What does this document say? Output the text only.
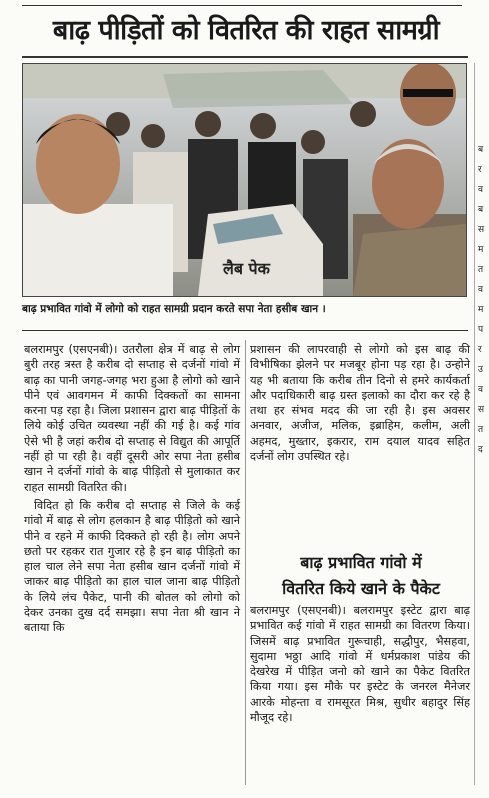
बाढ़ पीड़ितों को वितरित की राहत सामग्री
लैब पेक
बाढ़ प्रभावित गांवो में लोगो को राहत सामग्री प्रदान करते सपा नेता हसीब खान ।

बलरामपुर (एसएनबी)। उतरौला क्षेत्र में बाढ़ से लोग बुरी तरह त्रस्त है करीब दो सप्ताह से दर्जनों गांवो में बाढ़ का पानी जगह-जगह भरा हुआ है लोगो को खाने पीने एवं आवगमन में काफी दिक्कतों का सामना करना पड़ रहा है। जिला प्रशासन द्वारा बाढ़ पीड़ितों के लिये कोई उचित व्यवस्था नहीं की गई है। कई गांव ऐसे भी है जहां करीब दो सप्ताह से विद्युत की आपूर्ति नहीं हो पा रही है। वहीं दूसरी ओर सपा नेता हसीब खान ने दर्जनों गांवो के बाढ़ पीड़ितो से मुलाकात कर राहत सामग्री वितरित की।

विदित हो कि करीब दो सप्ताह से जिले के कई गांवो में बाढ़ से लोग हलकान है बाढ़ पीड़ितो को खाने पीने व रहने में काफी दिक्कते हो रही है। लोग अपने छतो पर रहकर रात गुजार रहे है इन बाढ़ पीड़ितो का हाल चाल लेने सपा नेता हसीब खान दर्जनों गांवो में जाकर बाढ़ पीड़ितो का हाल चाल जाना बाढ़ पीड़ितो के लिये लंच पैकेट, पानी की बोतल को लोगो को देकर उनका दुख दर्द समझा। सपा नेता श्री खान ने बताया कि

प्रशासन की लापरवाही से लोगो को इस बाढ़ की विभीषिका झेलने पर मजबूर होना पड़ रहा है। उन्होने यह भी बताया कि करीब तीन दिनो से हमरे कार्यकर्ता और पदाधिकारी बाढ़ ग्रस्त इलाको का दौरा कर रहे है तथा हर संभव मदद की जा रही है। इस अवसर अनवार, अजीज, मलिक, इब्राहिम, कलीम, अली अहमद, मुख्तार, इकरार, राम दयाल यादव सहित दर्जनों लोग उपस्थित रहे।

बाढ़ प्रभावित गांवो में
वितरित किये खाने के पैकेट

बलरामपुर (एसएनबी)। बलरामपुर इस्टेट द्वारा बाढ़ प्रभावित कई गांवो में राहत सामग्री का वितरण किया। जिसमें बाढ़ प्रभावित गुरूचाही, सद्धौपुर, भैसहवा, सुदामा भठ्ठा आदि गांवो में धर्मप्रकाश पांडेय की देखरेख में पीड़ित जनो को खाने का पैकेट वितरित किया गया। इस मौके पर इस्टेट के जनरल मैनेजर आरके मोहन्ता व रामसूरत मिश्र, सुधीर बहादुर सिंह मौजूद रहे।

ब
र
व
ब
स
म
त
व
म
प
र
उ
व
स
त
द
